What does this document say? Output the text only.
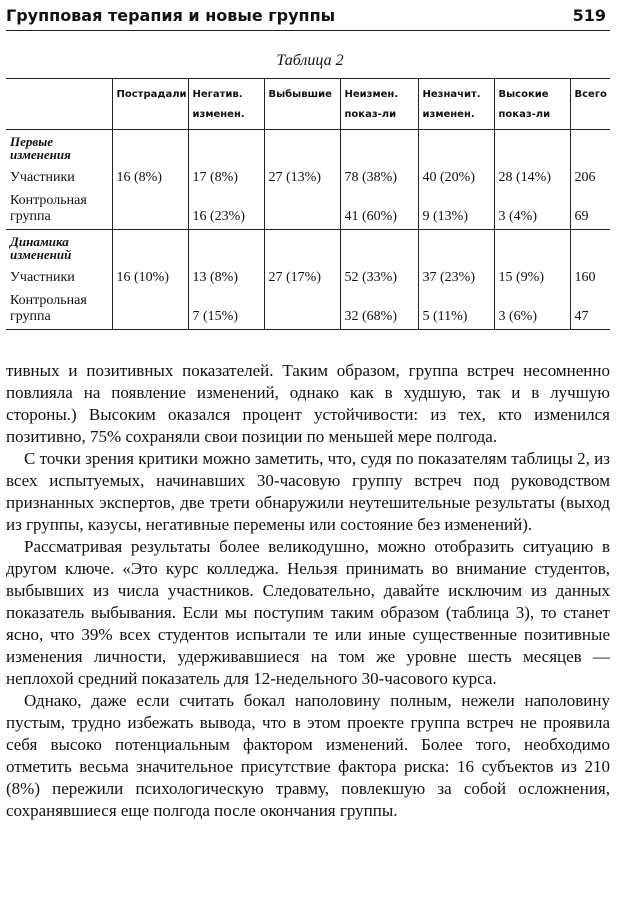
Групповая терапия и новые группы	519
Таблица 2
	Пострадали	Негатив. изменен.	Выбывшие	Неизмен. показ-ли	Незначит. изменен.	Высокие показ-ли	Всего
Первые изменения							
Участники	16 (8%)	17 (8%)	27 (13%)	78 (38%)	40 (20%)	28 (14%)	206
Контрольная группа		16 (23%)		41 (60%)	9 (13%)	3 (4%)	69
Динамика изменений							
Участники	16 (10%)	13 (8%)	27 (17%)	52 (33%)	37 (23%)	15 (9%)	160
Контрольная группа		7 (15%)		32 (68%)	5 (11%)	3 (6%)	47

тивных и позитивных показателей. Таким образом, группа встреч несомненно повлияла на появление изменений, однако как в худшую, так и в лучшую стороны.) Высоким оказался процент устойчивости: из тех, кто изменился позитивно, 75% сохраняли свои позиции по меньшей мере полгода.

С точки зрения критики можно заметить, что, судя по показателям таблицы 2, из всех испытуемых, начинавших 30-часовую группу встреч под руководством признанных экспертов, две трети обнаружили неутешительные результаты (выход из группы, казусы, негативные перемены или состояние без изменений).

Рассматривая результаты более великодушно, можно отобразить ситуацию в другом ключе. «Это курс колледжа. Нельзя принимать во внимание студентов, выбывших из числа участников. Следовательно, давайте исключим из данных показатель выбывания. Если мы поступим таким образом (таблица 3), то станет ясно, что 39% всех студентов испытали те или иные существенные позитивные изменения личности, удерживавшиеся на том же уровне шесть месяцев — неплохой средний показатель для 12-недельного 30-часового курса.

Однако, даже если считать бокал наполовину полным, нежели наполовину пустым, трудно избежать вывода, что в этом проекте группа встреч не проявила себя высоко потенциальным фактором изменений. Более того, необходимо отметить весьма значительное присутствие фактора риска: 16 субъектов из 210 (8%) пережили психологическую травму, повлекшую за собой осложнения, сохранявшиеся еще полгода после окончания группы.
